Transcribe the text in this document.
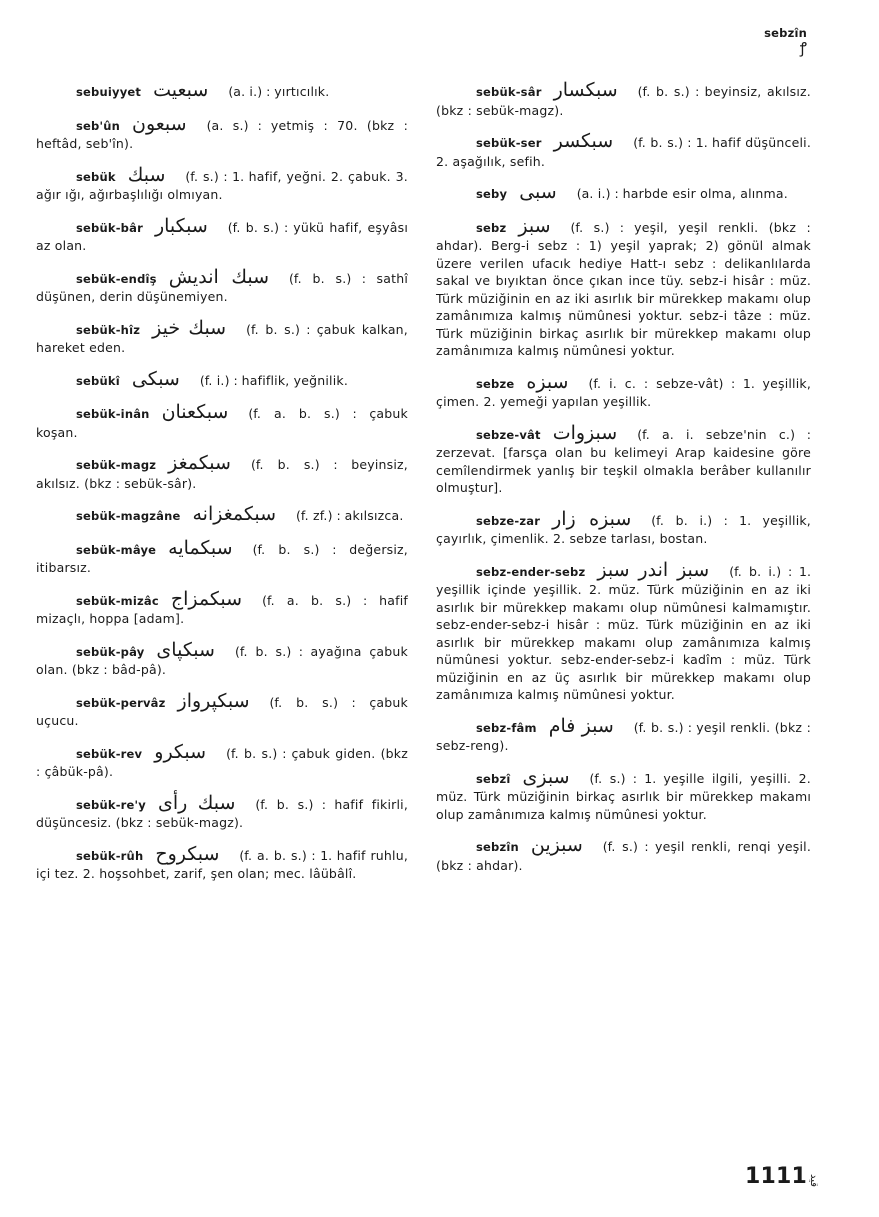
sebzîn
ꝭ
sebuiyyet سبعیت (a. i.) : yırtıcılık.
seb'ûn سبعون (a. s.) : yetmiş : 70. (bkz : heftâd, seb'în).
sebük سبك (f. s.) : 1. hafif, yeğni. 2. çabuk. 3. ağır ığı, ağırbaşlılığı olmıyan.
sebük-bâr سبکبار (f. b. s.) : yükü hafif, eşyâsı az olan.
sebük-endîş سبك انديش (f. b. s.) : sathî düşünen, derin düşünemiyen.
sebük-hîz سبك خيز (f. b. s.) : çabuk kalkan, hareket eden.
sebükî سبکی (f. i.) : hafiflik, yeğnilik.
sebük-inân سبکعنان (f. a. b. s.) : çabuk koşan.
sebük-magz سبکمغز (f. b. s.) : beyinsiz, akılsız. (bkz : sebük-sâr).
sebük-magzâne سبکمغزانه (f. zf.) : akılsızca.
sebük-mâye سبکمایه (f. b. s.) : değersiz, itibarsız.
sebük-mizâc سبکمزاج (f. a. b. s.) : hafif mizaçlı, hoppa [adam].
sebük-pây سبکپای (f. b. s.) : ayağına çabuk olan. (bkz : bâd-pâ).
sebük-pervâz سبکپرواز (f. b. s.) : çabuk uçucu.
sebük-rev سبکرو (f. b. s.) : çabuk giden. (bkz : çâbük-pâ).
sebük-re'y سبك رأى (f. b. s.) : hafif fikirli, düşüncesiz. (bkz : sebük-magz).
sebük-rûh سبکروح (f. a. b. s.) : 1. hafif ruhlu, içi tez. 2. hoşsohbet, zarif, şen olan; mec. lâübâlî.
sebük-sâr سبکسار (f. b. s.) : beyinsiz, akılsız. (bkz : sebük-magz).
sebük-ser سبکسر (f. b. s.) : 1. hafif düşünceli. 2. aşağılık, sefih.
seby سبى (a. i.) : harbde esir olma, alınma.
sebz سبز (f. s.) : yeşil, yeşil renkli. (bkz : ahdar). Berg-i sebz : 1) yeşil yaprak; 2) gönül almak üzere verilen ufacık hediye Hatt-ı sebz : delikanlılarda sakal ve bıyıktan önce çıkan ince tüy. sebz-i hisâr : müz. Türk müziğinin en az iki asırlık bir mürekkep makamı olup zamânımıza kalmış nümûnesi yoktur. sebz-i tâze : müz. Türk müziğinin birkaç asırlık bir mürekkep makamı olup zamânımıza kalmış nümûnesi yoktur.
sebze سبزه (f. i. c. : sebze-vât) : 1. yeşillik, çimen. 2. yemeği yapılan yeşillik.
sebze-vât سبزوات (f. a. i. sebze'nin c.) : zerzevat. [farsça olan bu kelimeyi Arap kaidesine göre cemîlendirmek yanlış bir teşkil olmakla berâber kullanılır olmuştur].
sebze-zar سبزه زار (f. b. i.) : 1. yeşillik, çayırlık, çimenlik. 2. sebze tarlası, bostan.
sebz-ender-sebz سبز اندر سبز (f. b. i.) : 1. yeşillik içinde yeşillik. 2. müz. Türk müziğinin en az iki asırlık bir mürekkep makamı olup nümûnesi kalmamıştır. sebz-ender-sebz-i hisâr : müz. Türk müziğinin en az iki asırlık bir mürekkep makamı olup zamânımıza kalmış nümûnesi yoktur. sebz-ender-sebz-i kadîm : müz. Türk müziğinin en az üç asırlık bir mürekkep makamı olup zamânımıza kalmış nümûnesi yoktur.
sebz-fâm سبز فام (f. b. s.) : yeşil renkli. (bkz : sebz-reng).
sebzî سبزی (f. s.) : 1. yeşille ilgili, yeşilli. 2. müz. Türk müziğinin birkaç asırlık bir mürekkep makamı olup zamânımıza kalmış nümûnesi yoktur.
sebzîn سبزين (f. s.) : yeşil renkli, renqi yeşil. (bkz : ahdar).
1111 ﻗﯿﺪ
